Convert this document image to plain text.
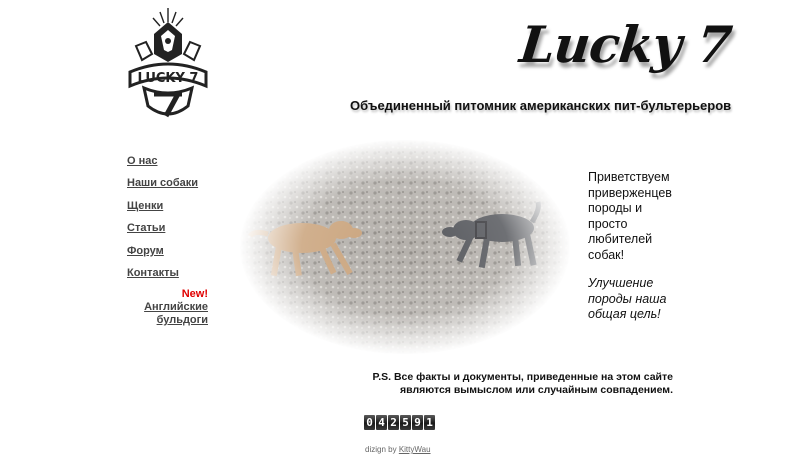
LUCKY 7
Lucky 7
Объединенный питомник американских пит-бультерьеров
О нас
Наши собаки
Щенки
Статьи
Форум
Контакты
New!
Английские
бульдоги
Приветствуем
приверженцев
породы и
просто
любителей
собак!
Улучшение
породы наша
общая цель!
P.S. Все факты и документы, приведенные на этом сайте
являются вымыслом или случайным совпадением.
0 4 2 5 9 1
dizign by KittyWau
